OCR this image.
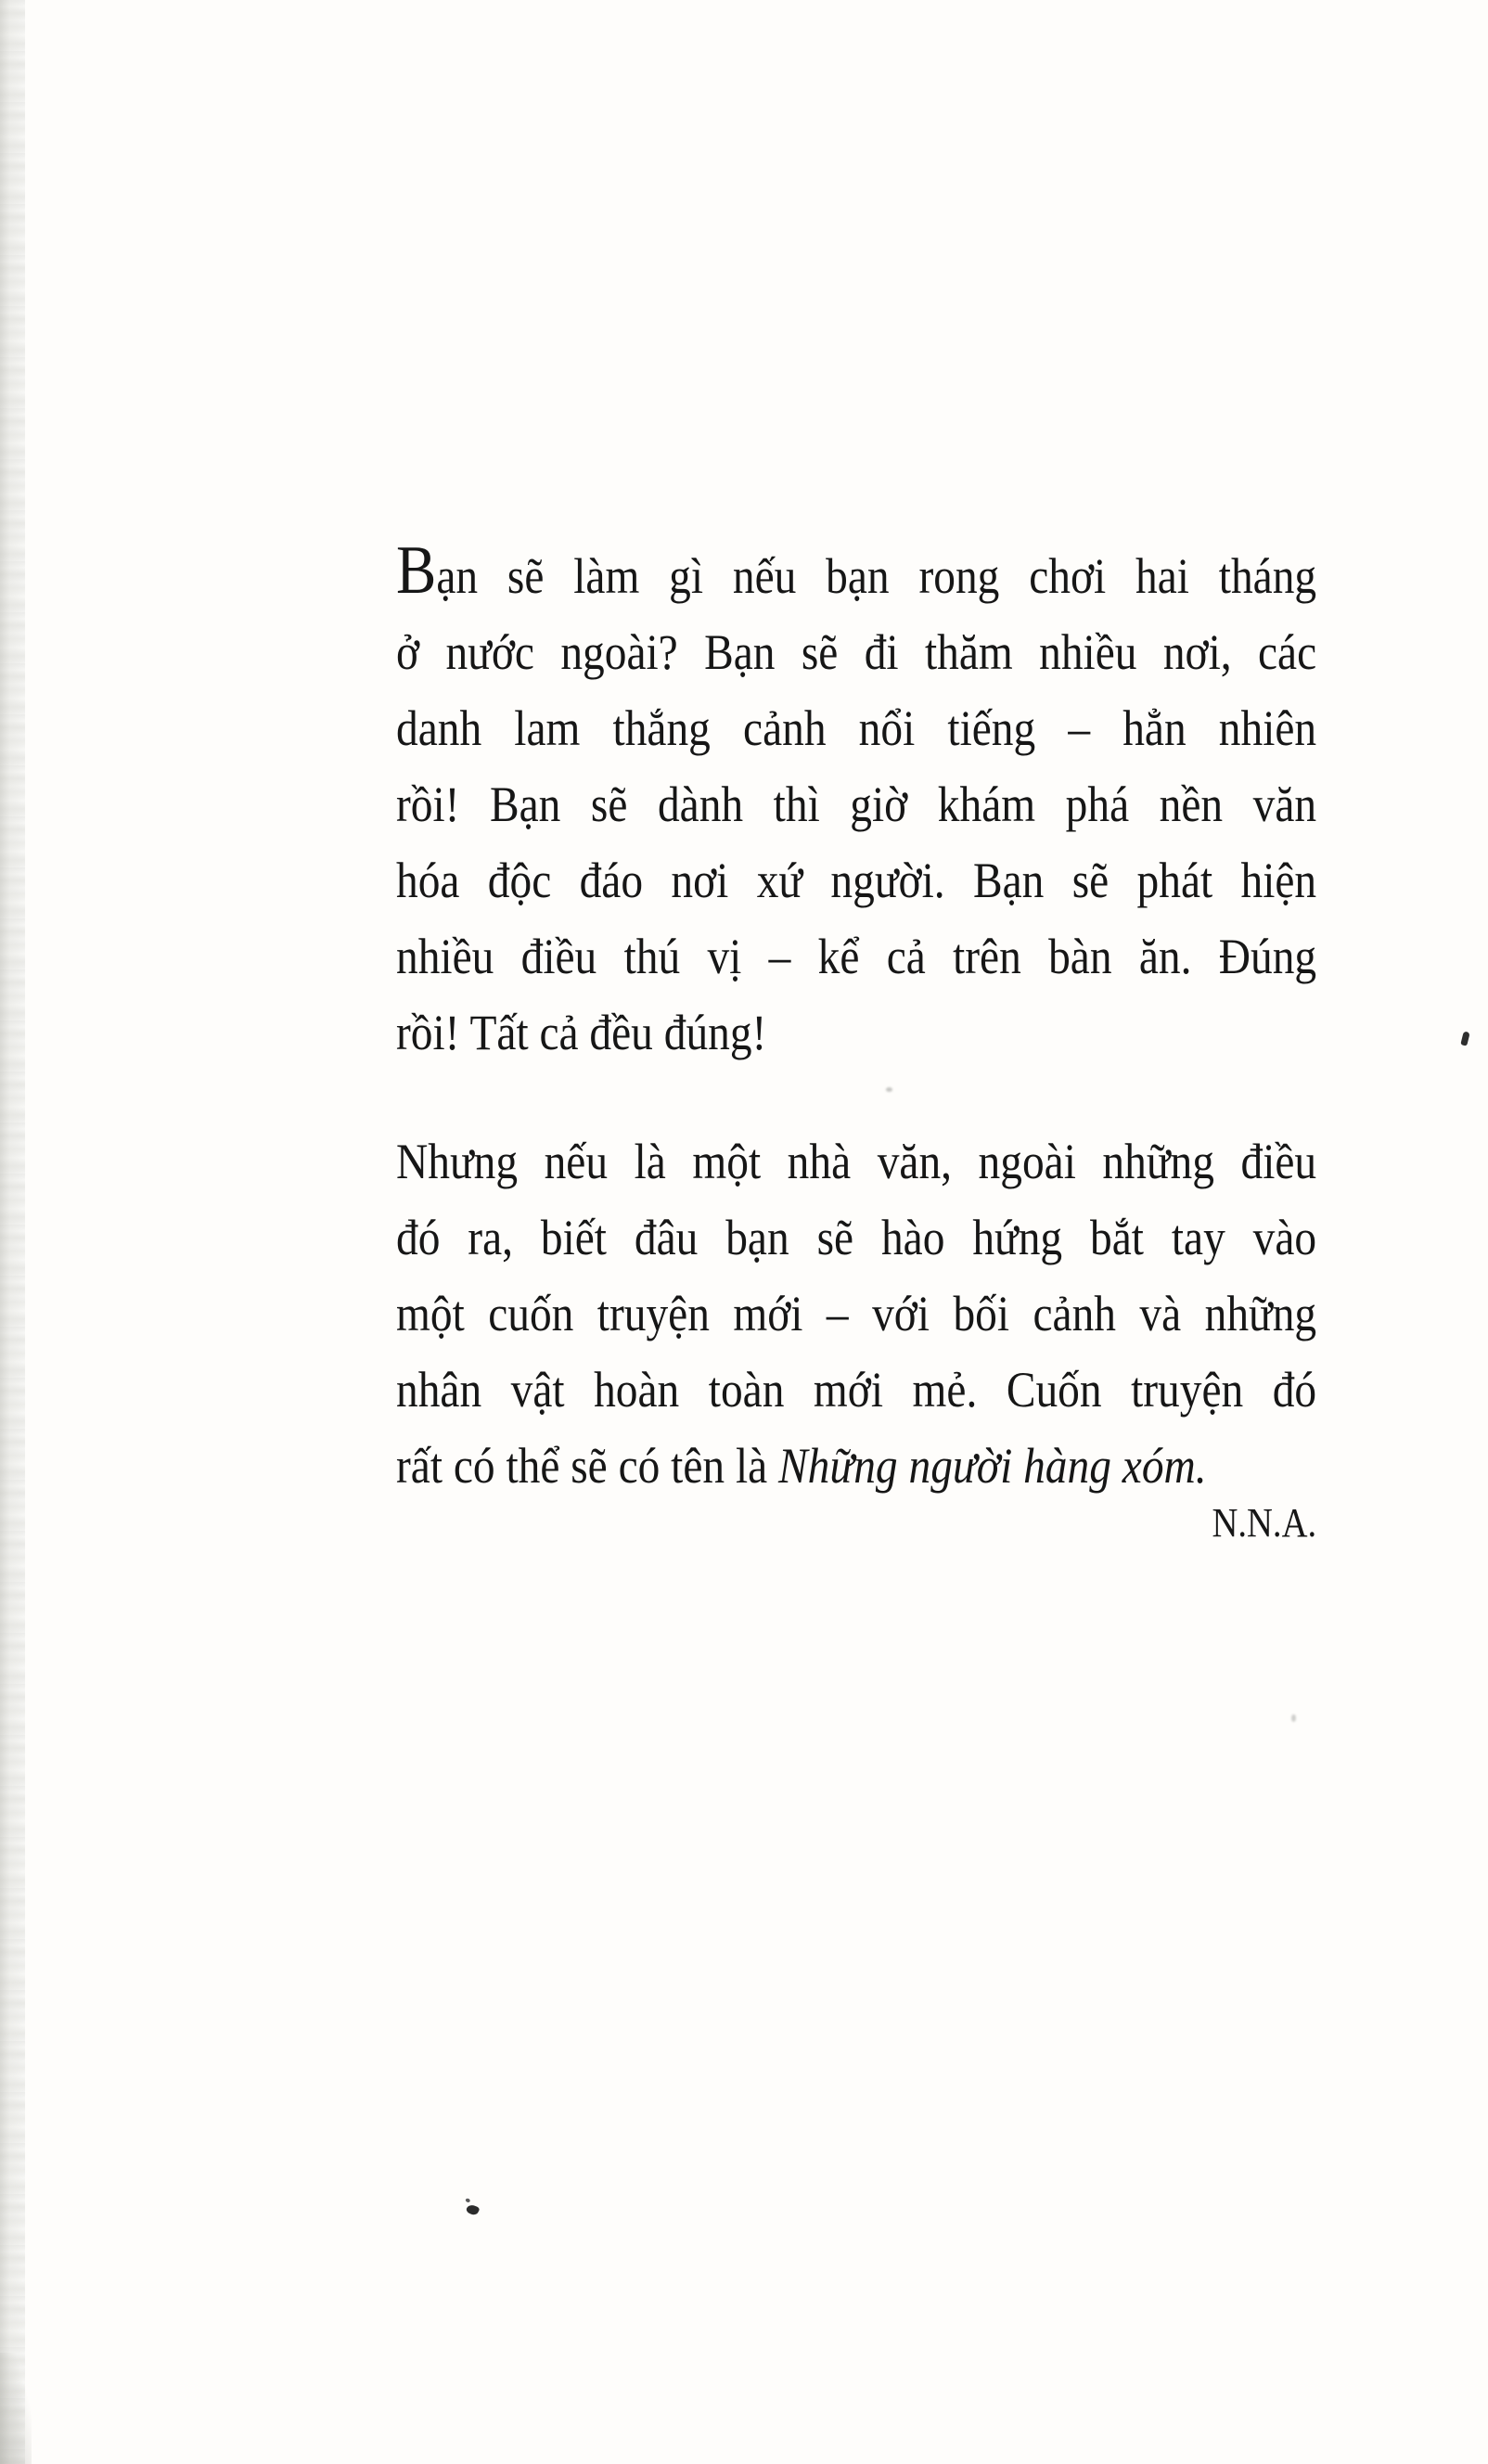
Bạn sẽ làm gì nếu bạn rong chơi hai tháng
ở nước ngoài? Bạn sẽ đi thăm nhiều nơi, các
danh lam thắng cảnh nổi tiếng – hẳn nhiên
rồi! Bạn sẽ dành thì giờ khám phá nền văn
hóa độc đáo nơi xứ người. Bạn sẽ phát hiện
nhiều điều thú vị – kể cả trên bàn ăn. Đúng
rồi! Tất cả đều đúng!
Nhưng nếu là một nhà văn, ngoài những điều
đó ra, biết đâu bạn sẽ hào hứng bắt tay vào
một cuốn truyện mới – với bối cảnh và những
nhân vật hoàn toàn mới mẻ. Cuốn truyện đó
rất có thể sẽ có tên là Những người hàng xóm.
N.N.A.
